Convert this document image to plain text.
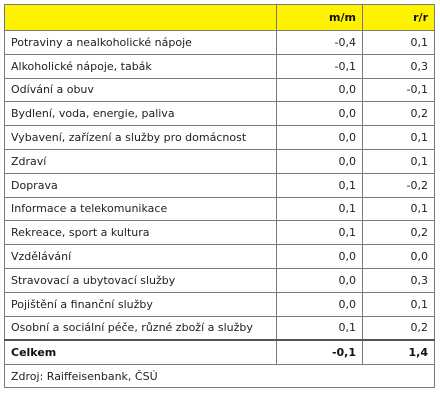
	m/m	r/r
Potraviny a nealkoholické nápoje	-0,4	0,1
Alkoholické nápoje, tabák	-0,1	0,3
Odívání a obuv	0,0	-0,1
Bydlení, voda, energie, paliva	0,0	0,2
Vybavení, zařízení a služby pro domácnost	0,0	0,1
Zdraví	0,0	0,1
Doprava	0,1	-0,2
Informace a telekomunikace	0,1	0,1
Rekreace, sport a kultura	0,1	0,2
Vzdělávání	0,0	0,0
Stravovací a ubytovací služby	0,0	0,3
Pojištění a finanční služby	0,0	0,1
Osobní a sociální péče, různé zboží a služby	0,1	0,2
Celkem	-0,1	1,4
Zdroj: Raiffeisenbank, ČSÚ		
